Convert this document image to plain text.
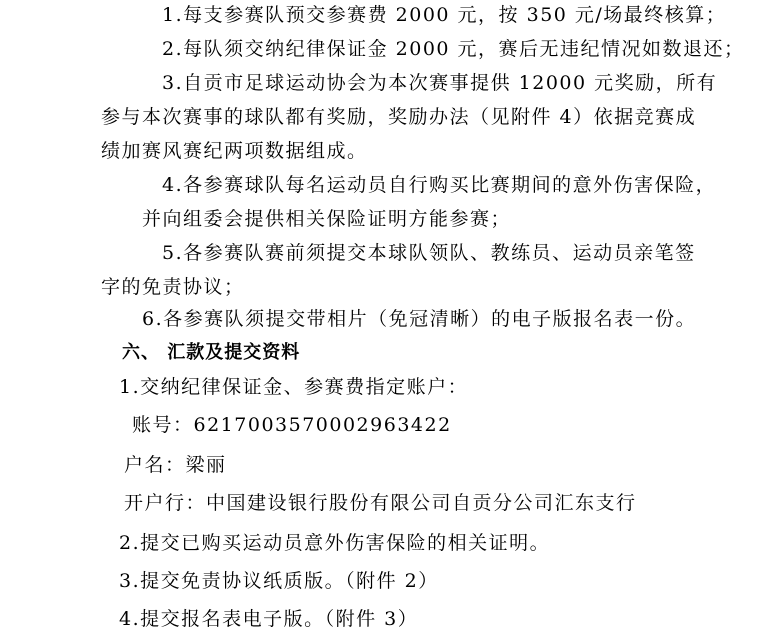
1.每支参赛队预交参赛费 2000 元，按 350 元/场最终核算；
2.每队须交纳纪律保证金 2000 元，赛后无违纪情况如数退还；
3.自贡市足球运动协会为本次赛事提供 12000 元奖励，所有
参与本次赛事的球队都有奖励，奖励办法（见附件 4）依据竞赛成
绩加赛风赛纪两项数据组成。
4.各参赛球队每名运动员自行购买比赛期间的意外伤害保险，
并向组委会提供相关保险证明方能参赛；
5.各参赛队赛前须提交本球队领队、教练员、运动员亲笔签
字的免责协议；
6.各参赛队须提交带相片（免冠清晰）的电子版报名表一份。
六、 汇款及提交资料
1.交纳纪律保证金、参赛费指定账户：
账号：6217003570002963422
户名：梁丽
开户行：中国建设银行股份有限公司自贡分公司汇东支行
2.提交已购买运动员意外伤害保险的相关证明。
3.提交免责协议纸质版。（附件 2）
4.提交报名表电子版。（附件 3）
